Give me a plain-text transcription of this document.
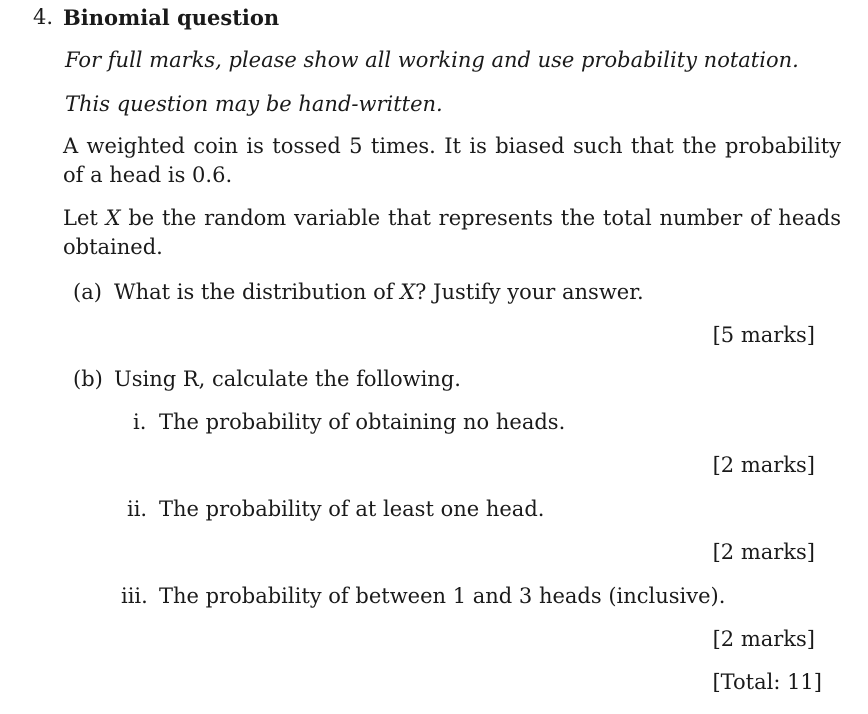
4. Binomial question
For full marks, please show all working and use probability notation.
This question may be hand-written.
A weighted coin is tossed 5 times. It is biased such that the probability of a head is 0.6.
Let X be the random variable that represents the total number of heads obtained.
(a) What is the distribution of X? Justify your answer.
[5 marks]
(b) Using R, calculate the following.
i. The probability of obtaining no heads.
[2 marks]
ii. The probability of at least one head.
[2 marks]
iii. The probability of between 1 and 3 heads (inclusive).
[2 marks]
[Total: 11]
